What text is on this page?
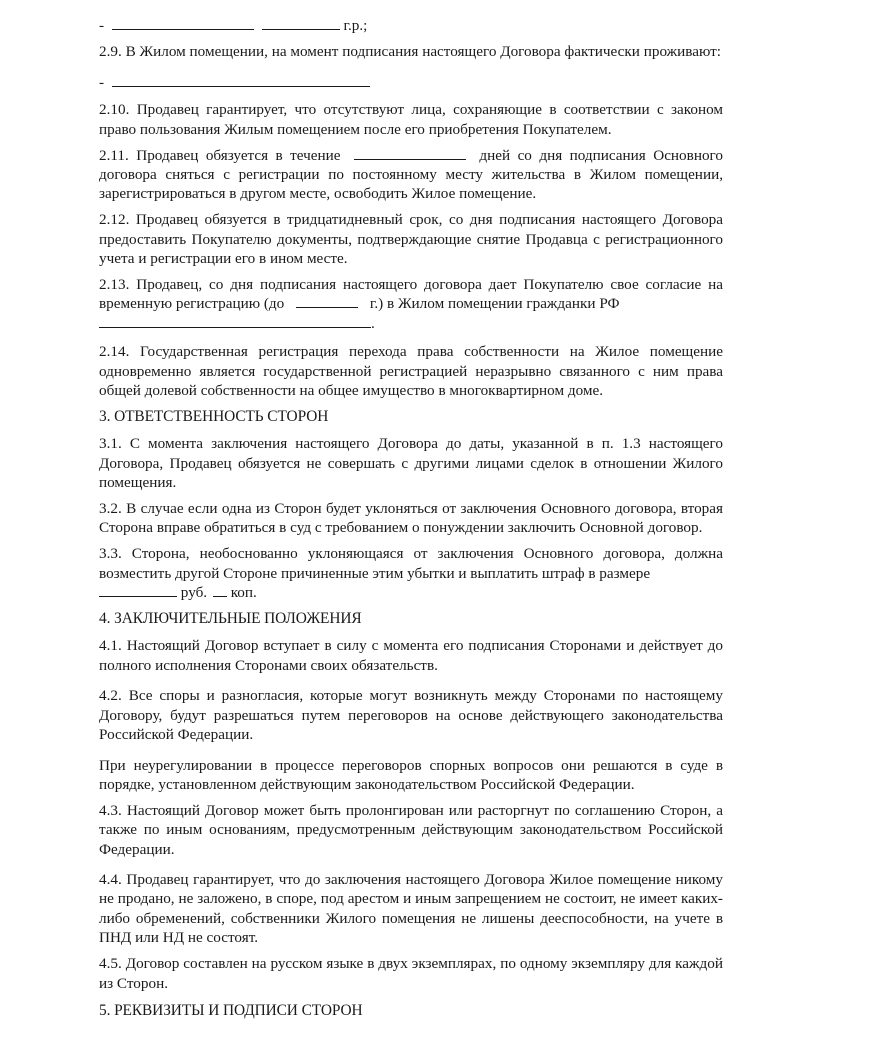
-	г.р.;

2.9. В Жилом помещении, на момент подписания настоящего Договора фактически проживают:

-

2.10. Продавец гарантирует, что отсутствуют лица, сохраняющие в соответствии с законом право пользования Жилым помещением после его приобретения Покупателем.

2.11. Продавец обязуется в течение	дней со дня подписания Основного договора сняться с регистрации по постоянному месту жительства в Жилом помещении, зарегистрироваться в другом месте, освободить Жилое помещение.

2.12. Продавец обязуется в тридцатидневный срок, со дня подписания настоящего Договора предоставить Покупателю документы, подтверждающие снятие Продавца с регистрационного учета и регистрации его в ином месте.

2.13. Продавец, со дня подписания настоящего договора дает Покупателю свое согласие на временную регистрацию (до	г.) в Жилом помещении гражданки РФ
.

2.14. Государственная регистрация перехода права собственности на Жилое помещение одновременно является государственной регистрацией неразрывно связанного с ним права общей долевой собственности на общее имущество в многоквартирном доме.

3. ОТВЕТСТВЕННОСТЬ СТОРОН

3.1. С момента заключения настоящего Договора до даты, указанной в п. 1.3 настоящего Договора, Продавец обязуется не совершать с другими лицами сделок в отношении Жилого помещения.

3.2. В случае если одна из Сторон будет уклоняться от заключения Основного договора, вторая Сторона вправе обратиться в суд с требованием о понуждении заключить Основной договор.

3.3. Сторона, необоснованно уклоняющаяся от заключения Основного договора, должна возместить другой Стороне причиненные этим убытки и выплатить штраф в размере
руб. коп.

4. ЗАКЛЮЧИТЕЛЬНЫЕ ПОЛОЖЕНИЯ

4.1. Настоящий Договор вступает в силу с момента его подписания Сторонами и действует до полного исполнения Сторонами своих обязательств.

4.2. Все споры и разногласия, которые могут возникнуть между Сторонами по настоящему Договору, будут разрешаться путем переговоров на основе действующего законодательства Российской Федерации.

При неурегулировании в процессе переговоров спорных вопросов они решаются в суде в порядке, установленном действующим законодательством Российской Федерации.

4.3. Настоящий Договор может быть пролонгирован или расторгнут по соглашению Сторон, а также по иным основаниям, предусмотренным действующим законодательством Российской Федерации.

4.4. Продавец гарантирует, что до заключения настоящего Договора Жилое помещение никому не продано, не заложено, в споре, под арестом и иным запрещением не состоит, не имеет каких-либо обременений, собственники Жилого помещения не лишены дееспособности, на учете в ПНД или НД не состоят.

4.5. Договор составлен на русском языке в двух экземплярах, по одному экземпляру для каждой из Сторон.

5. РЕКВИЗИТЫ И ПОДПИСИ СТОРОН
